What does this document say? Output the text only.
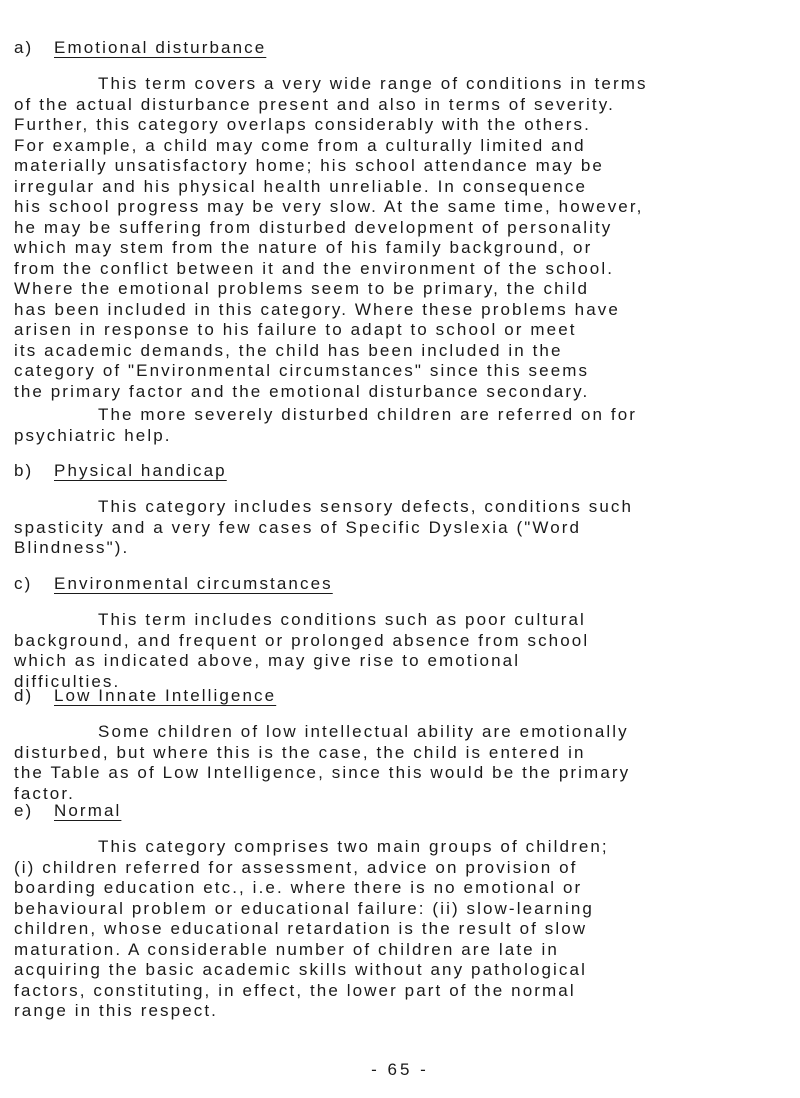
a) Emotional disturbance
This term covers a very wide range of conditions in terms
of the actual disturbance present and also in terms of severity.
Further, this category overlaps considerably with the others.
For example, a child may come from a culturally limited and
materially unsatisfactory home; his school attendance may be
irregular and his physical health unreliable. In consequence
his school progress may be very slow. At the same time, however,
he may be suffering from disturbed development of personality
which may stem from the nature of his family background, or
from the conflict between it and the environment of the school.
Where the emotional problems seem to be primary, the child
has been included in this category. Where these problems have
arisen in response to his failure to adapt to school or meet
its academic demands, the child has been included in the
category of "Environmental circumstances" since this seems
the primary factor and the emotional disturbance secondary.
The more severely disturbed children are referred on for
psychiatric help.
b) Physical handicap
This category includes sensory defects, conditions such
spasticity and a very few cases of Specific Dyslexia ("Word
Blindness").
c) Environmental circumstances
This term includes conditions such as poor cultural
background, and frequent or prolonged absence from school
which as indicated above, may give rise to emotional
difficulties.
d) Low Innate Intelligence
Some children of low intellectual ability are emotionally
disturbed, but where this is the case, the child is entered in
the Table as of Low Intelligence, since this would be the primary
factor.
e) Normal
This category comprises two main groups of children;
(i) children referred for assessment, advice on provision of
boarding education etc., i.e. where there is no emotional or
behavioural problem or educational failure: (ii) slow-learning
children, whose educational retardation is the result of slow
maturation. A considerable number of children are late in
acquiring the basic academic skills without any pathological
factors, constituting, in effect, the lower part of the normal
range in this respect.
- 65 -
